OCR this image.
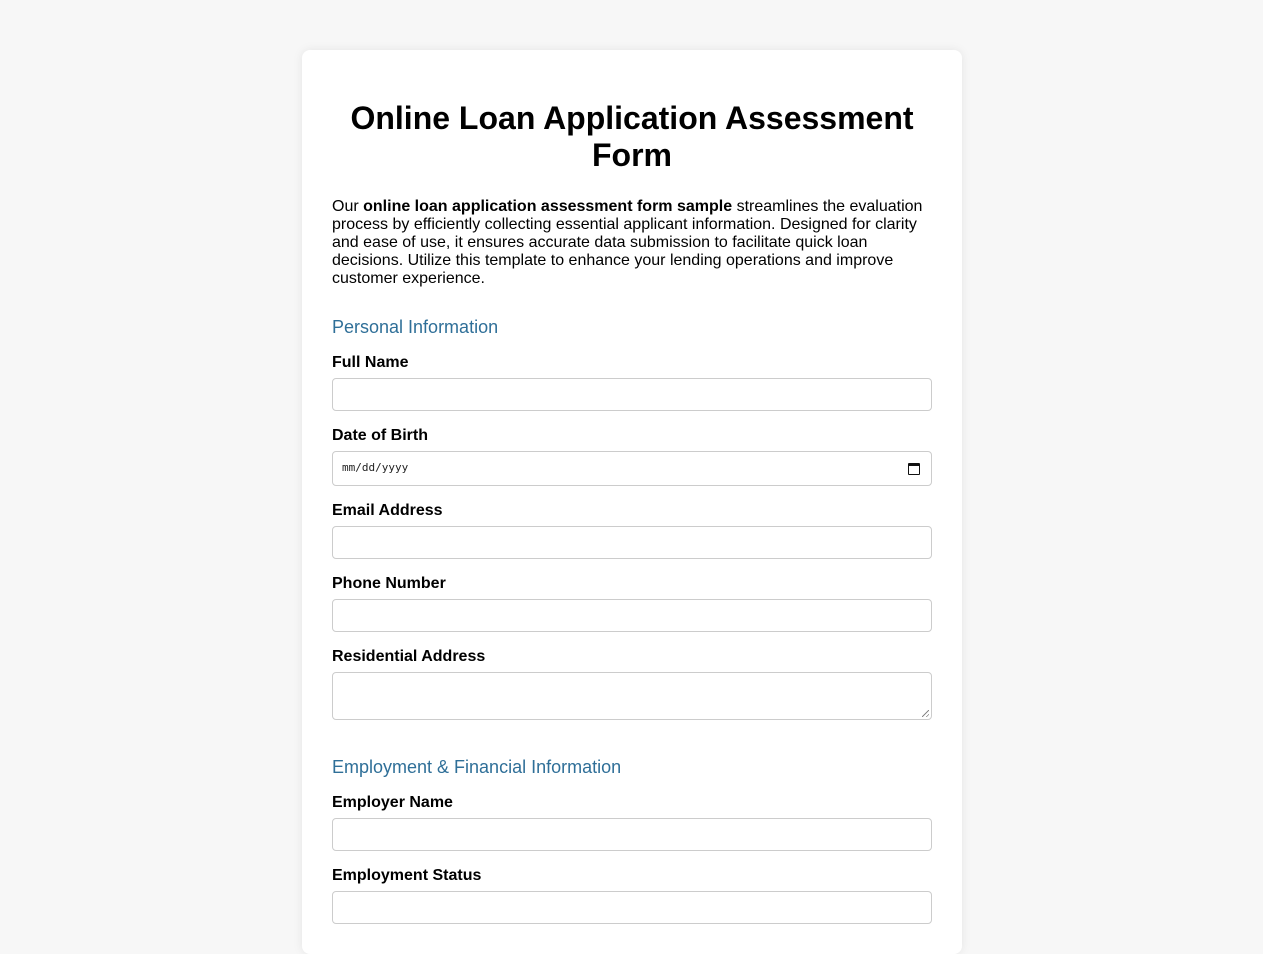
Online Loan Application Assessment Form

Our online loan application assessment form sample streamlines the evaluation process by efficiently collecting essential applicant information. Designed for clarity and ease of use, it ensures accurate data submission to facilitate quick loan decisions. Utilize this template to enhance your lending operations and improve customer experience.

Personal Information
Full Name
Date of Birth
mm/dd/yyyy
Email Address
Phone Number
Residential Address
Employment & Financial Information
Employer Name
Employment Status
